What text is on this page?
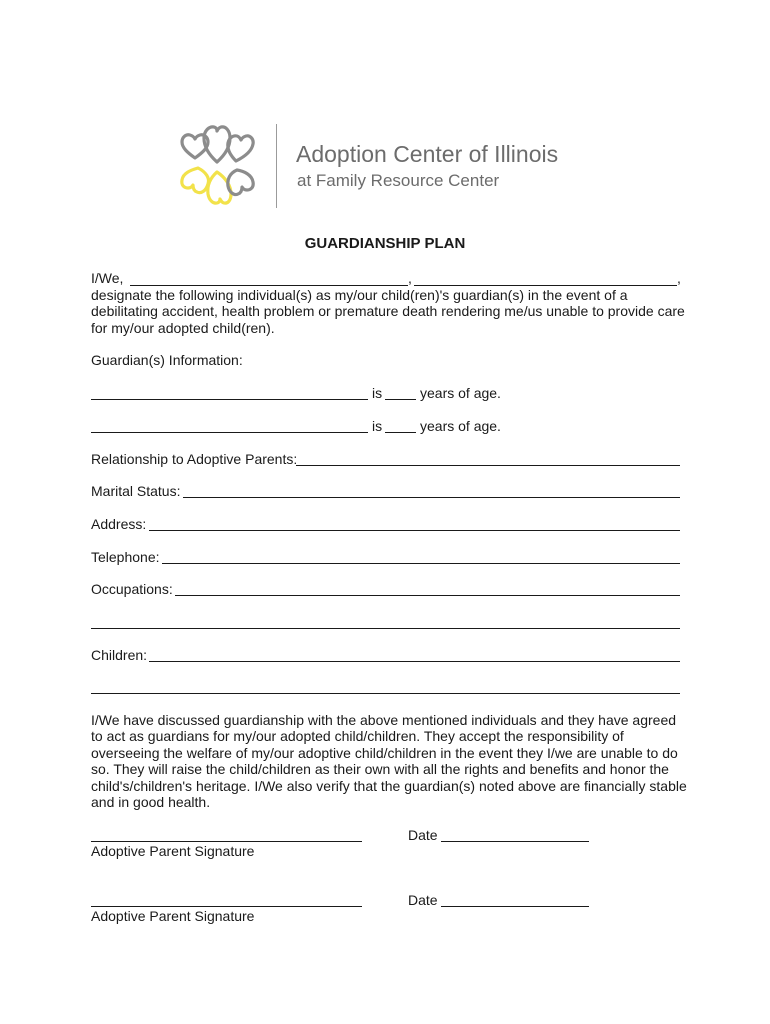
Adoption Center of Illinois
at Family Resource Center
GUARDIANSHIP PLAN
I/We,	,	,
designate the following individual(s) as my/our child(ren)'s guardian(s) in the event of a debilitating accident, health problem or premature death rendering me/us unable to provide care for my/our adopted child(ren).
Guardian(s) Information:
is	years of age.
is	years of age.
Relationship to Adoptive Parents:
Marital Status:
Address:
Telephone:
Occupations:
Children:
I/We have discussed guardianship with the above mentioned individuals and they have agreed to act as guardians for my/our adopted child/children. They accept the responsibility of overseeing the welfare of my/our adoptive child/children in the event they I/we are unable to do so. They will raise the child/children as their own with all the rights and benefits and honor the child's/children's heritage. I/We also verify that the guardian(s) noted above are financially stable and in good health.
Adoptive Parent Signature
Date
Adoptive Parent Signature
Date
